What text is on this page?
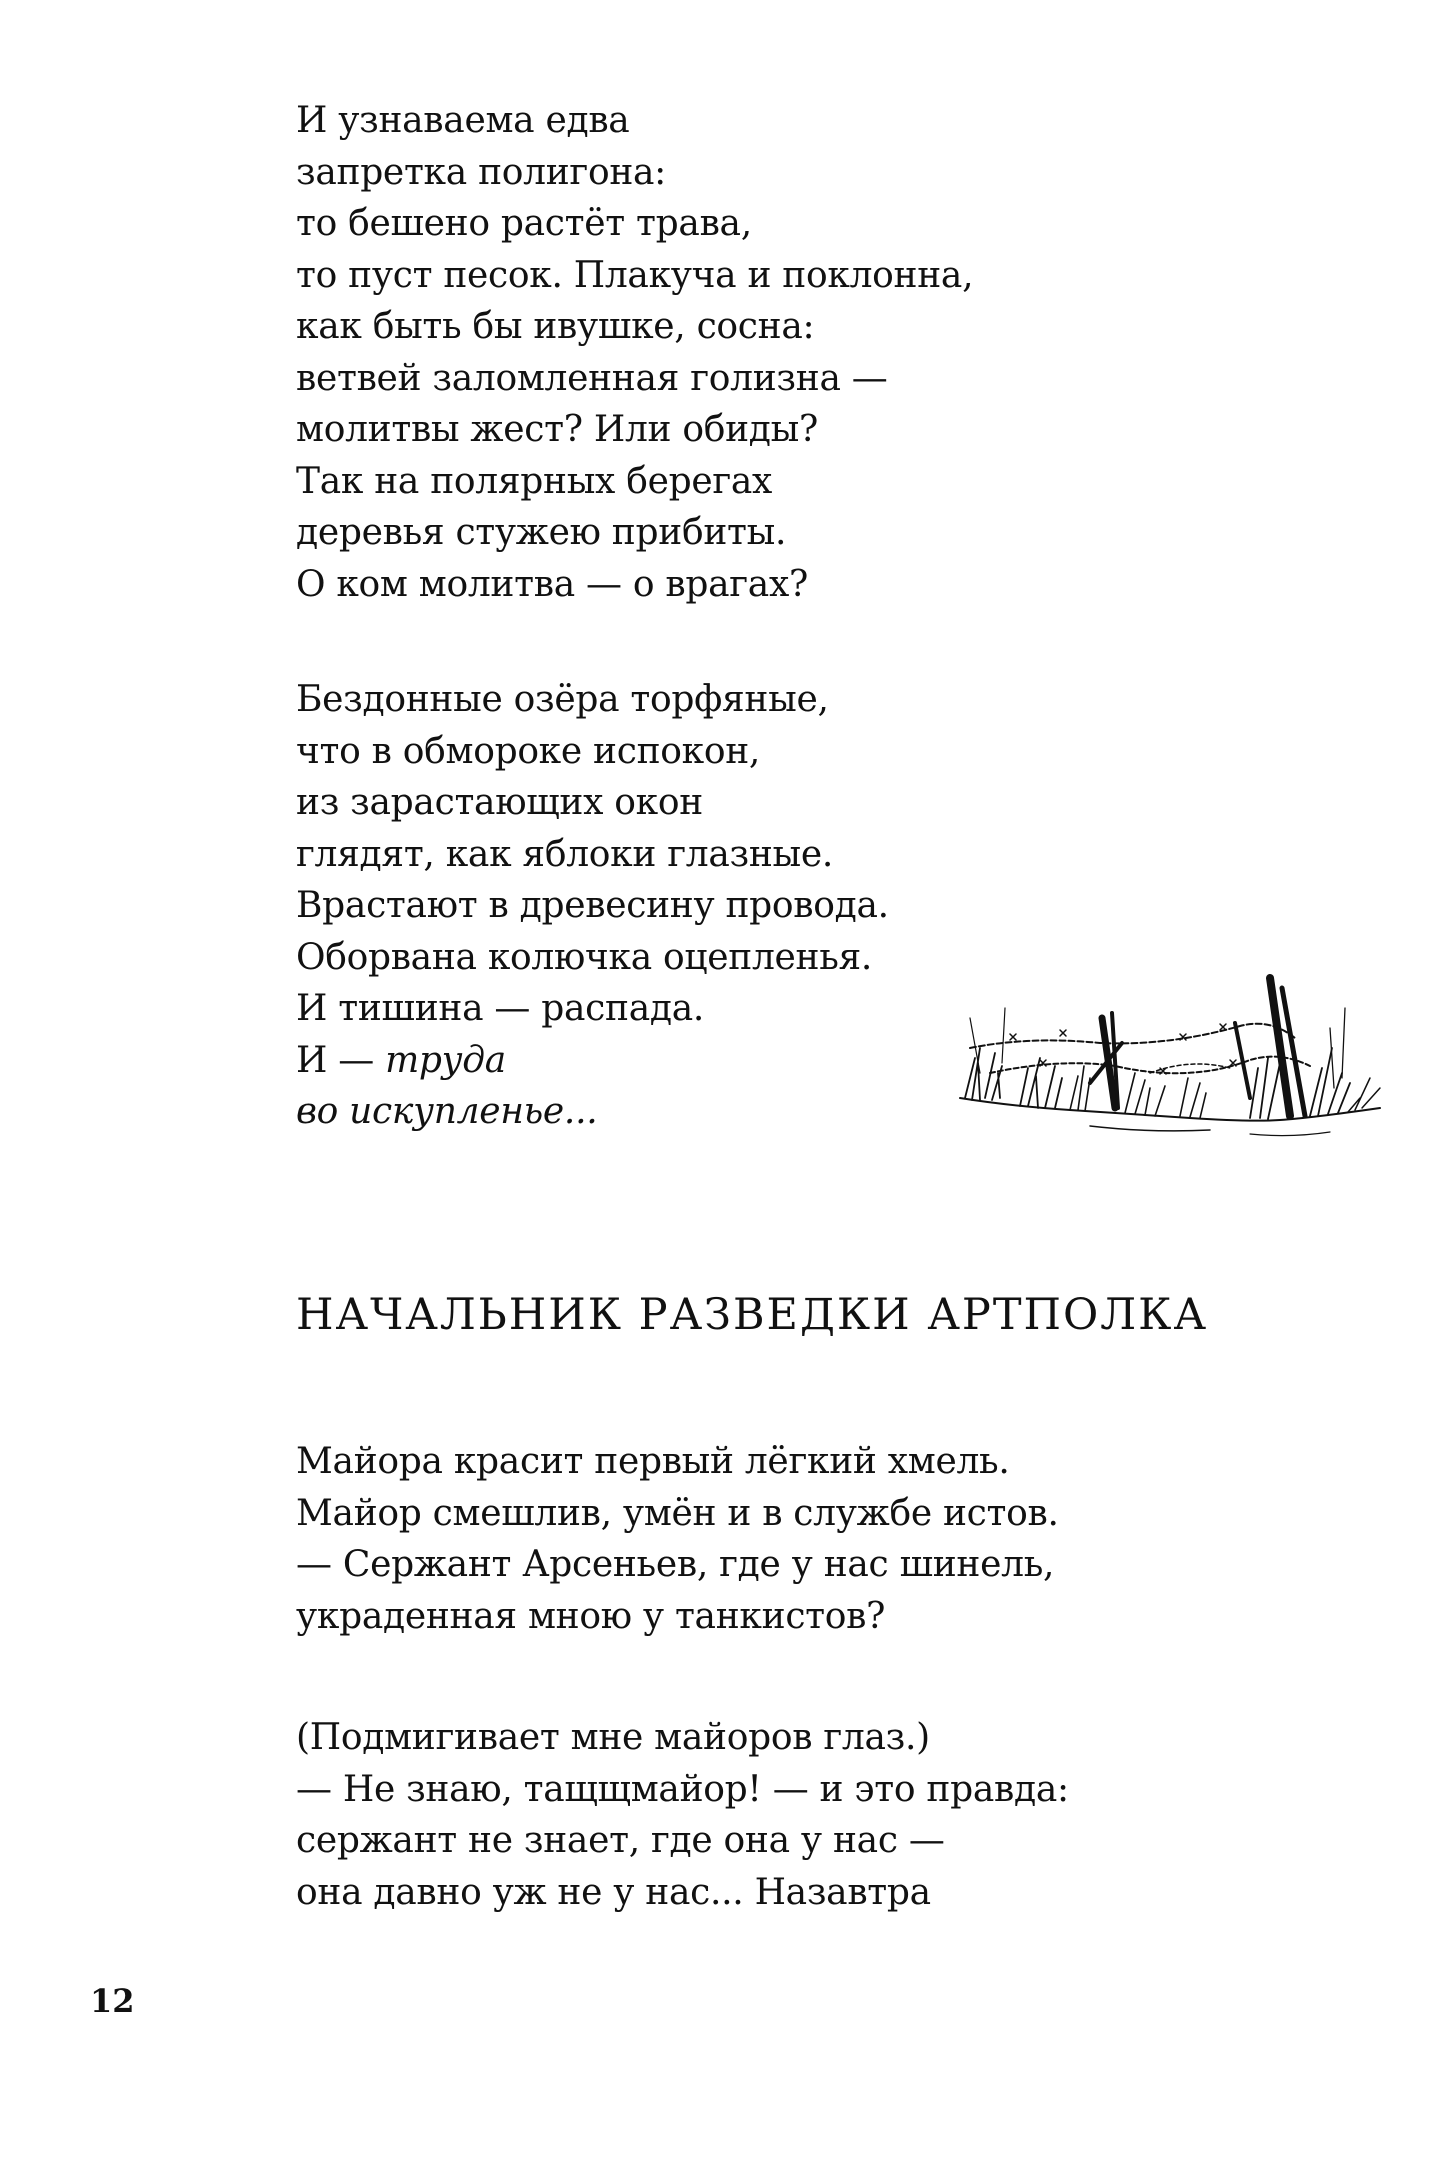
И узнаваема едва
запретка полигона:
то бешено растёт трава,
то пуст песок. Плакуча и поклонна,
как быть бы ивушке, сосна:
ветвей заломленная голизна —
молитвы жест? Или обиды?
Так на полярных берегах
деревья стужею прибиты.
О ком молитва — о врагах?
Бездонные озёра торфяные,
что в обмороке испокон,
из зарастающих окон
глядят, как яблоки глазные.
Врастают в древесину провода.
Оборвана колючка оцепленья.
И тишина — распада.
И — труда
во искупленье...
НАЧАЛЬНИК РАЗВЕДКИ АРТПОЛКА
Майора красит первый лёгкий хмель.
Майор смешлив, умён и в службе истов.
— Сержант Арсеньев, где у нас шинель,
украденная мною у танкистов?
(Подмигивает мне майоров глаз.)
— Не знаю, тащщмайор! — и это правда:
сержант не знает, где она у нас —
она давно уж не у нас... Назавтра
12
